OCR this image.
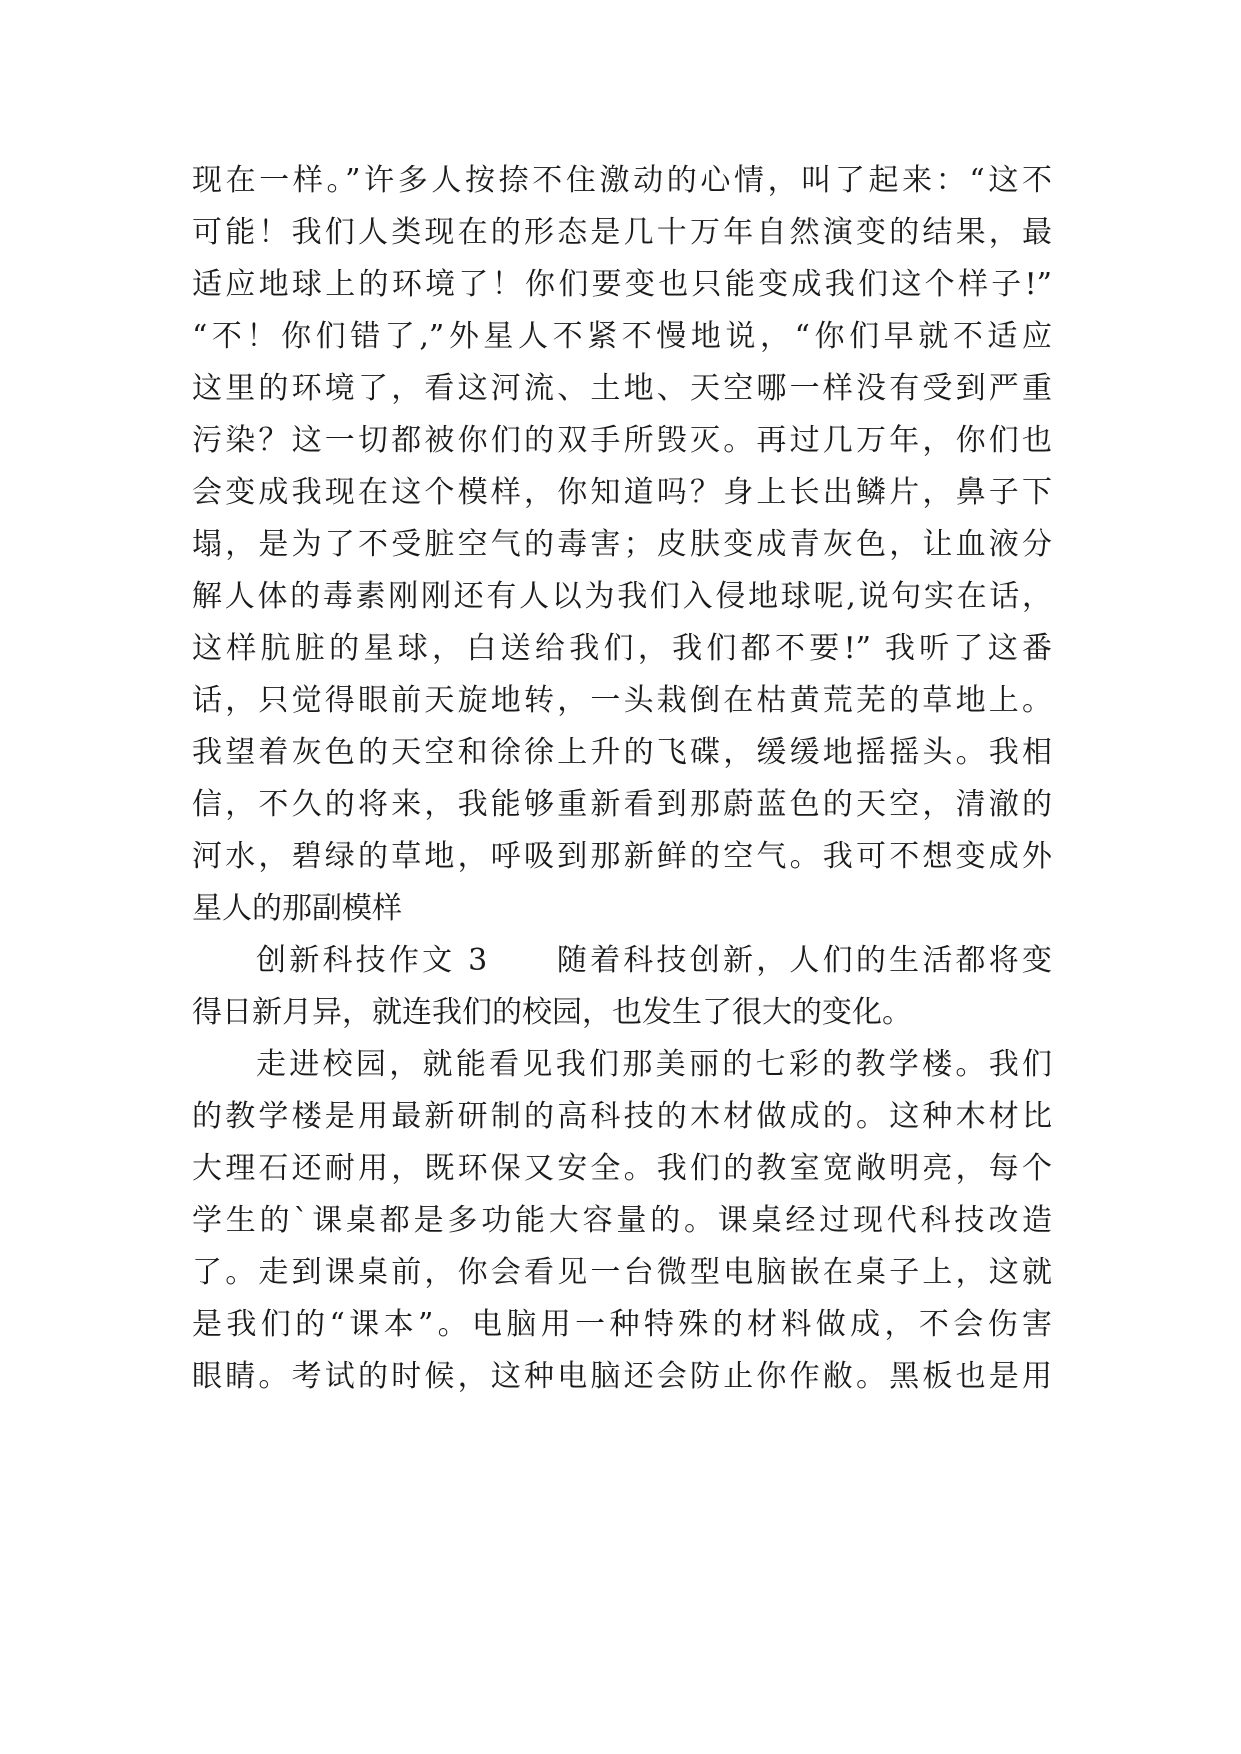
现在一样。”许多人按捺不住激动的心情，叫了起来：“这不
可能！我们人类现在的形态是几十万年自然演变的结果，最
适应地球上的环境了！你们要变也只能变成我们这个样子!”
“不！你们错了,”外星人不紧不慢地说，“你们早就不适应
这里的环境了，看这河流、土地、天空哪一样没有受到严重
污染？这一切都被你们的双手所毁灭。再过几万年，你们也
会变成我现在这个模样，你知道吗？身上长出鳞片，鼻子下
塌，是为了不受脏空气的毒害；皮肤变成青灰色，让血液分
解人体的毒素刚刚还有人以为我们入侵地球呢,说句实在话，
这样肮脏的星球，白送给我们，我们都不要!” 我听了这番
话，只觉得眼前天旋地转，一头栽倒在枯黄荒芜的草地上。
我望着灰色的天空和徐徐上升的飞碟，缓缓地摇摇头。我相
信，不久的将来，我能够重新看到那蔚蓝色的天空，清澈的
河水，碧绿的草地，呼吸到那新鲜的空气。我可不想变成外
星人的那副模样
创新科技作文 3　　随着科技创新，人们的生活都将变
得日新月异，就连我们的校园，也发生了很大的变化。
走进校园，就能看见我们那美丽的七彩的教学楼。我们
的教学楼是用最新研制的高科技的木材做成的。这种木材比
大理石还耐用，既环保又安全。我们的教室宽敞明亮，每个
学生的`课桌都是多功能大容量的。课桌经过现代科技改造
了。走到课桌前，你会看见一台微型电脑嵌在桌子上，这就
是我们的“课本”。电脑用一种特殊的材料做成，不会伤害
眼睛。考试的时候，这种电脑还会防止你作敝。黑板也是用
